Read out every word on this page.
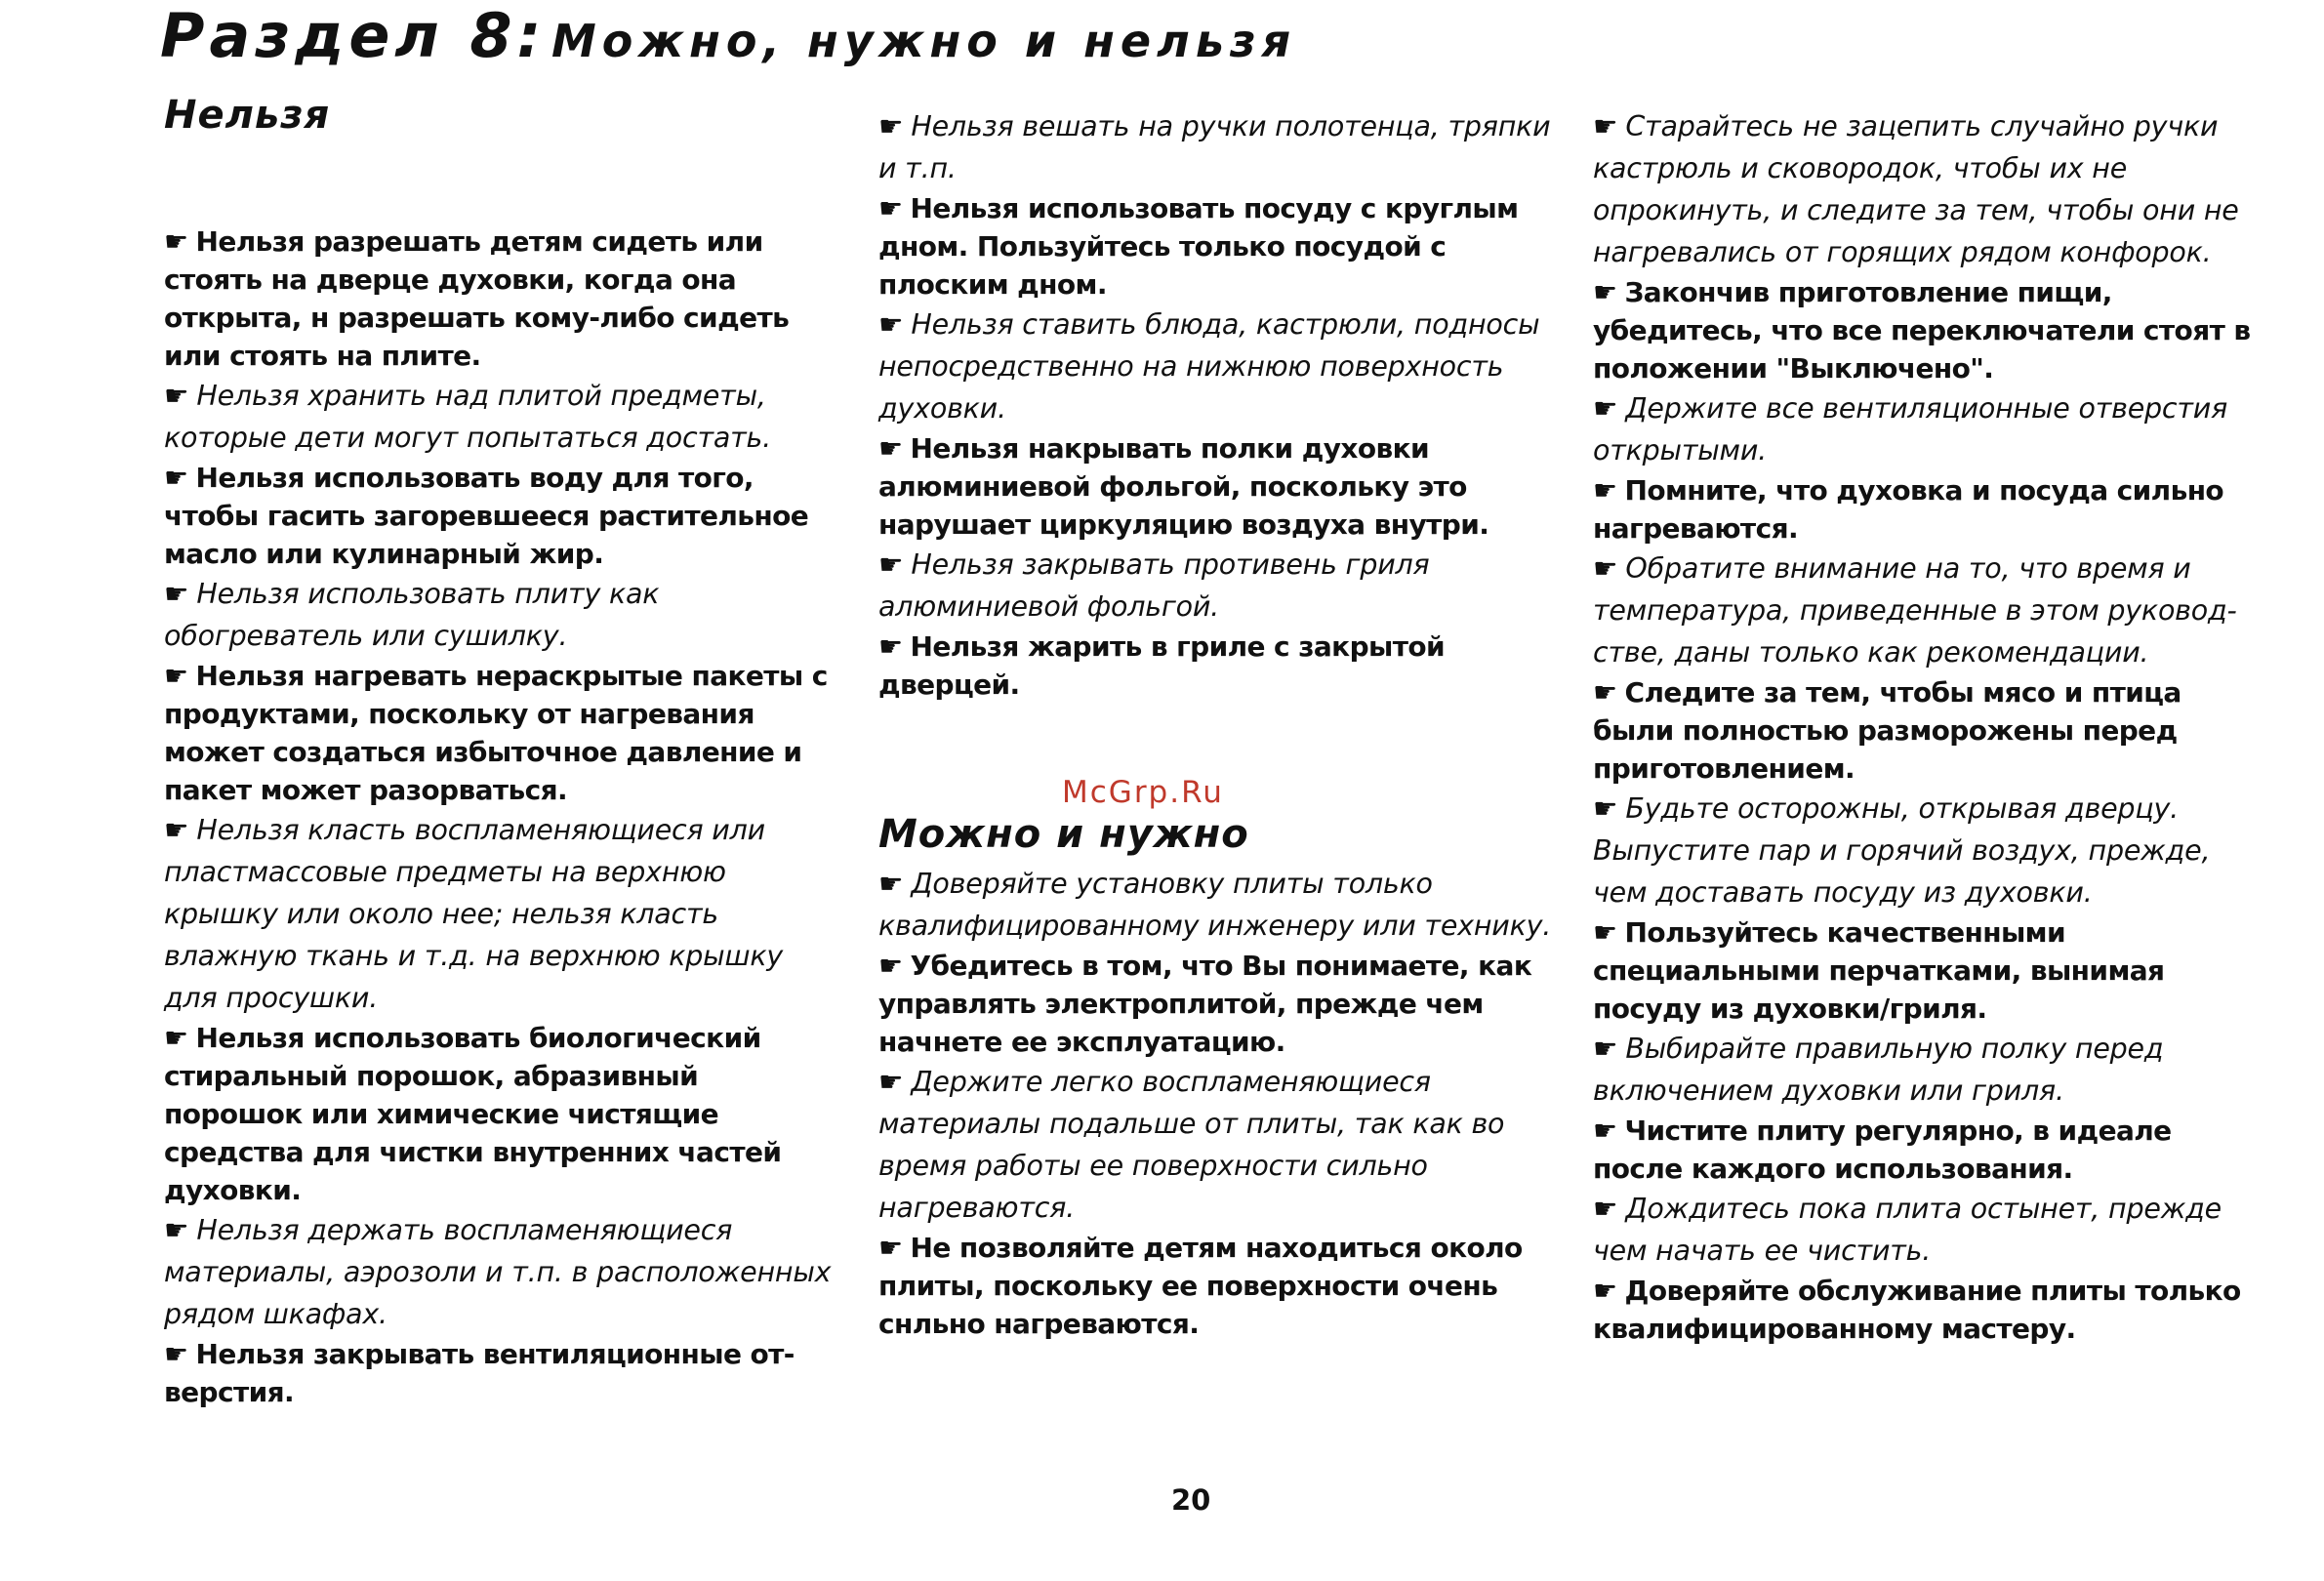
Раздел 8: Можно, нужно и нельзя
Нельзя

☛ Нельзя разрешать детям сидеть или стоять на дверце духовки, когда она открыта, н разрешать кому-либо сидеть или стоять на плите.

☛ Нельзя хранить над плитой предметы, которые дети могут попытаться достать.

☛ Нельзя использовать воду для того, чтобы гасить загоревшееся растительное масло или кулинарный жир.

☛ Нельзя использовать плиту как обогреватель или сушилку.

☛ Нельзя нагревать нераскрытые пакеты с продуктами, поскольку от нагревания может создаться избыточное давление и пакет может разорваться.

☛ Нельзя класть воспламеняющиеся или пластмассовые предметы на верхнюю крышку или около нее; нельзя класть влажную ткань и т.д. на верхнюю крышку для просушки.

☛ Нельзя использовать биологический стиральный порошок, абразивный порошок или химические чистящие средства для чистки внутренних частей духовки.

☛ Нельзя держать воспламеняющиеся материалы, аэрозоли и т.п. в расположенных рядом шкафах.

☛ Нельзя закрывать вентиляционные от-верстия.

☛ Нельзя вешать на ручки полотенца, тряпки и т.п.

☛ Нельзя использовать посуду с круглым дном. Пользуйтесь только посудой с плоским дном.

☛ Нельзя ставить блюда, кастрюли, подносы непосредственно на нижнюю поверхность духовки.

☛ Нельзя накрывать полки духовки алюминиевой фольгой, поскольку это нарушает циркуляцию воздуха внутри.

☛ Нельзя закрывать противень гриля алюминиевой фольгой.

☛ Нельзя жарить в гриле с закрытой дверцей.

Можно и нужно

☛ Доверяйте установку плиты только квалифицированному инженеру или технику.

☛ Убедитесь в том, что Вы понимаете, как управлять электроплитой, прежде чем начнете ее эксплуатацию.

☛ Держите легко воспламеняющиеся материалы подальше от плиты, так как во время работы ее поверхности сильно нагреваются.

☛ Не позволяйте детям находиться около плиты, поскольку ее поверхности очень снльно нагреваются.

☛ Старайтесь не зацепить случайно ручки кастрюль и сковородок, чтобы их не опрокинуть, и следите за тем, чтобы они не нагревались от горящих рядом конфорок.

☛ Закончив приготовление пищи, убедитесь, что все переключатели стоят в положении "Выключено".

☛ Держите все вентиляционные отверстия открытыми.

☛ Помните, что духовка и посуда сильно нагреваются.

☛ Обратите внимание на то, что время и температура, приведенные в этом руковод-стве, даны только как рекомендации.

☛ Следите за тем, чтобы мясо и птица были полностью разморожены перед приготовлением.

☛ Будьте осторожны, открывая дверцу. Выпустите пар и горячий воздух, прежде, чем доставать посуду из духовки.

☛ Пользуйтесь качественными специальными перчатками, вынимая посуду из духовки/гриля.

☛ Выбирайте правильную полку перед включением духовки или гриля.

☛ Чистите плиту регулярно, в идеале после каждого использования.

☛ Дождитесь пока плита остынет, прежде чем начать ее чистить.

☛ Доверяйте обслуживание плиты только квалифицированному мастеру.

McGrp.Ru
20
